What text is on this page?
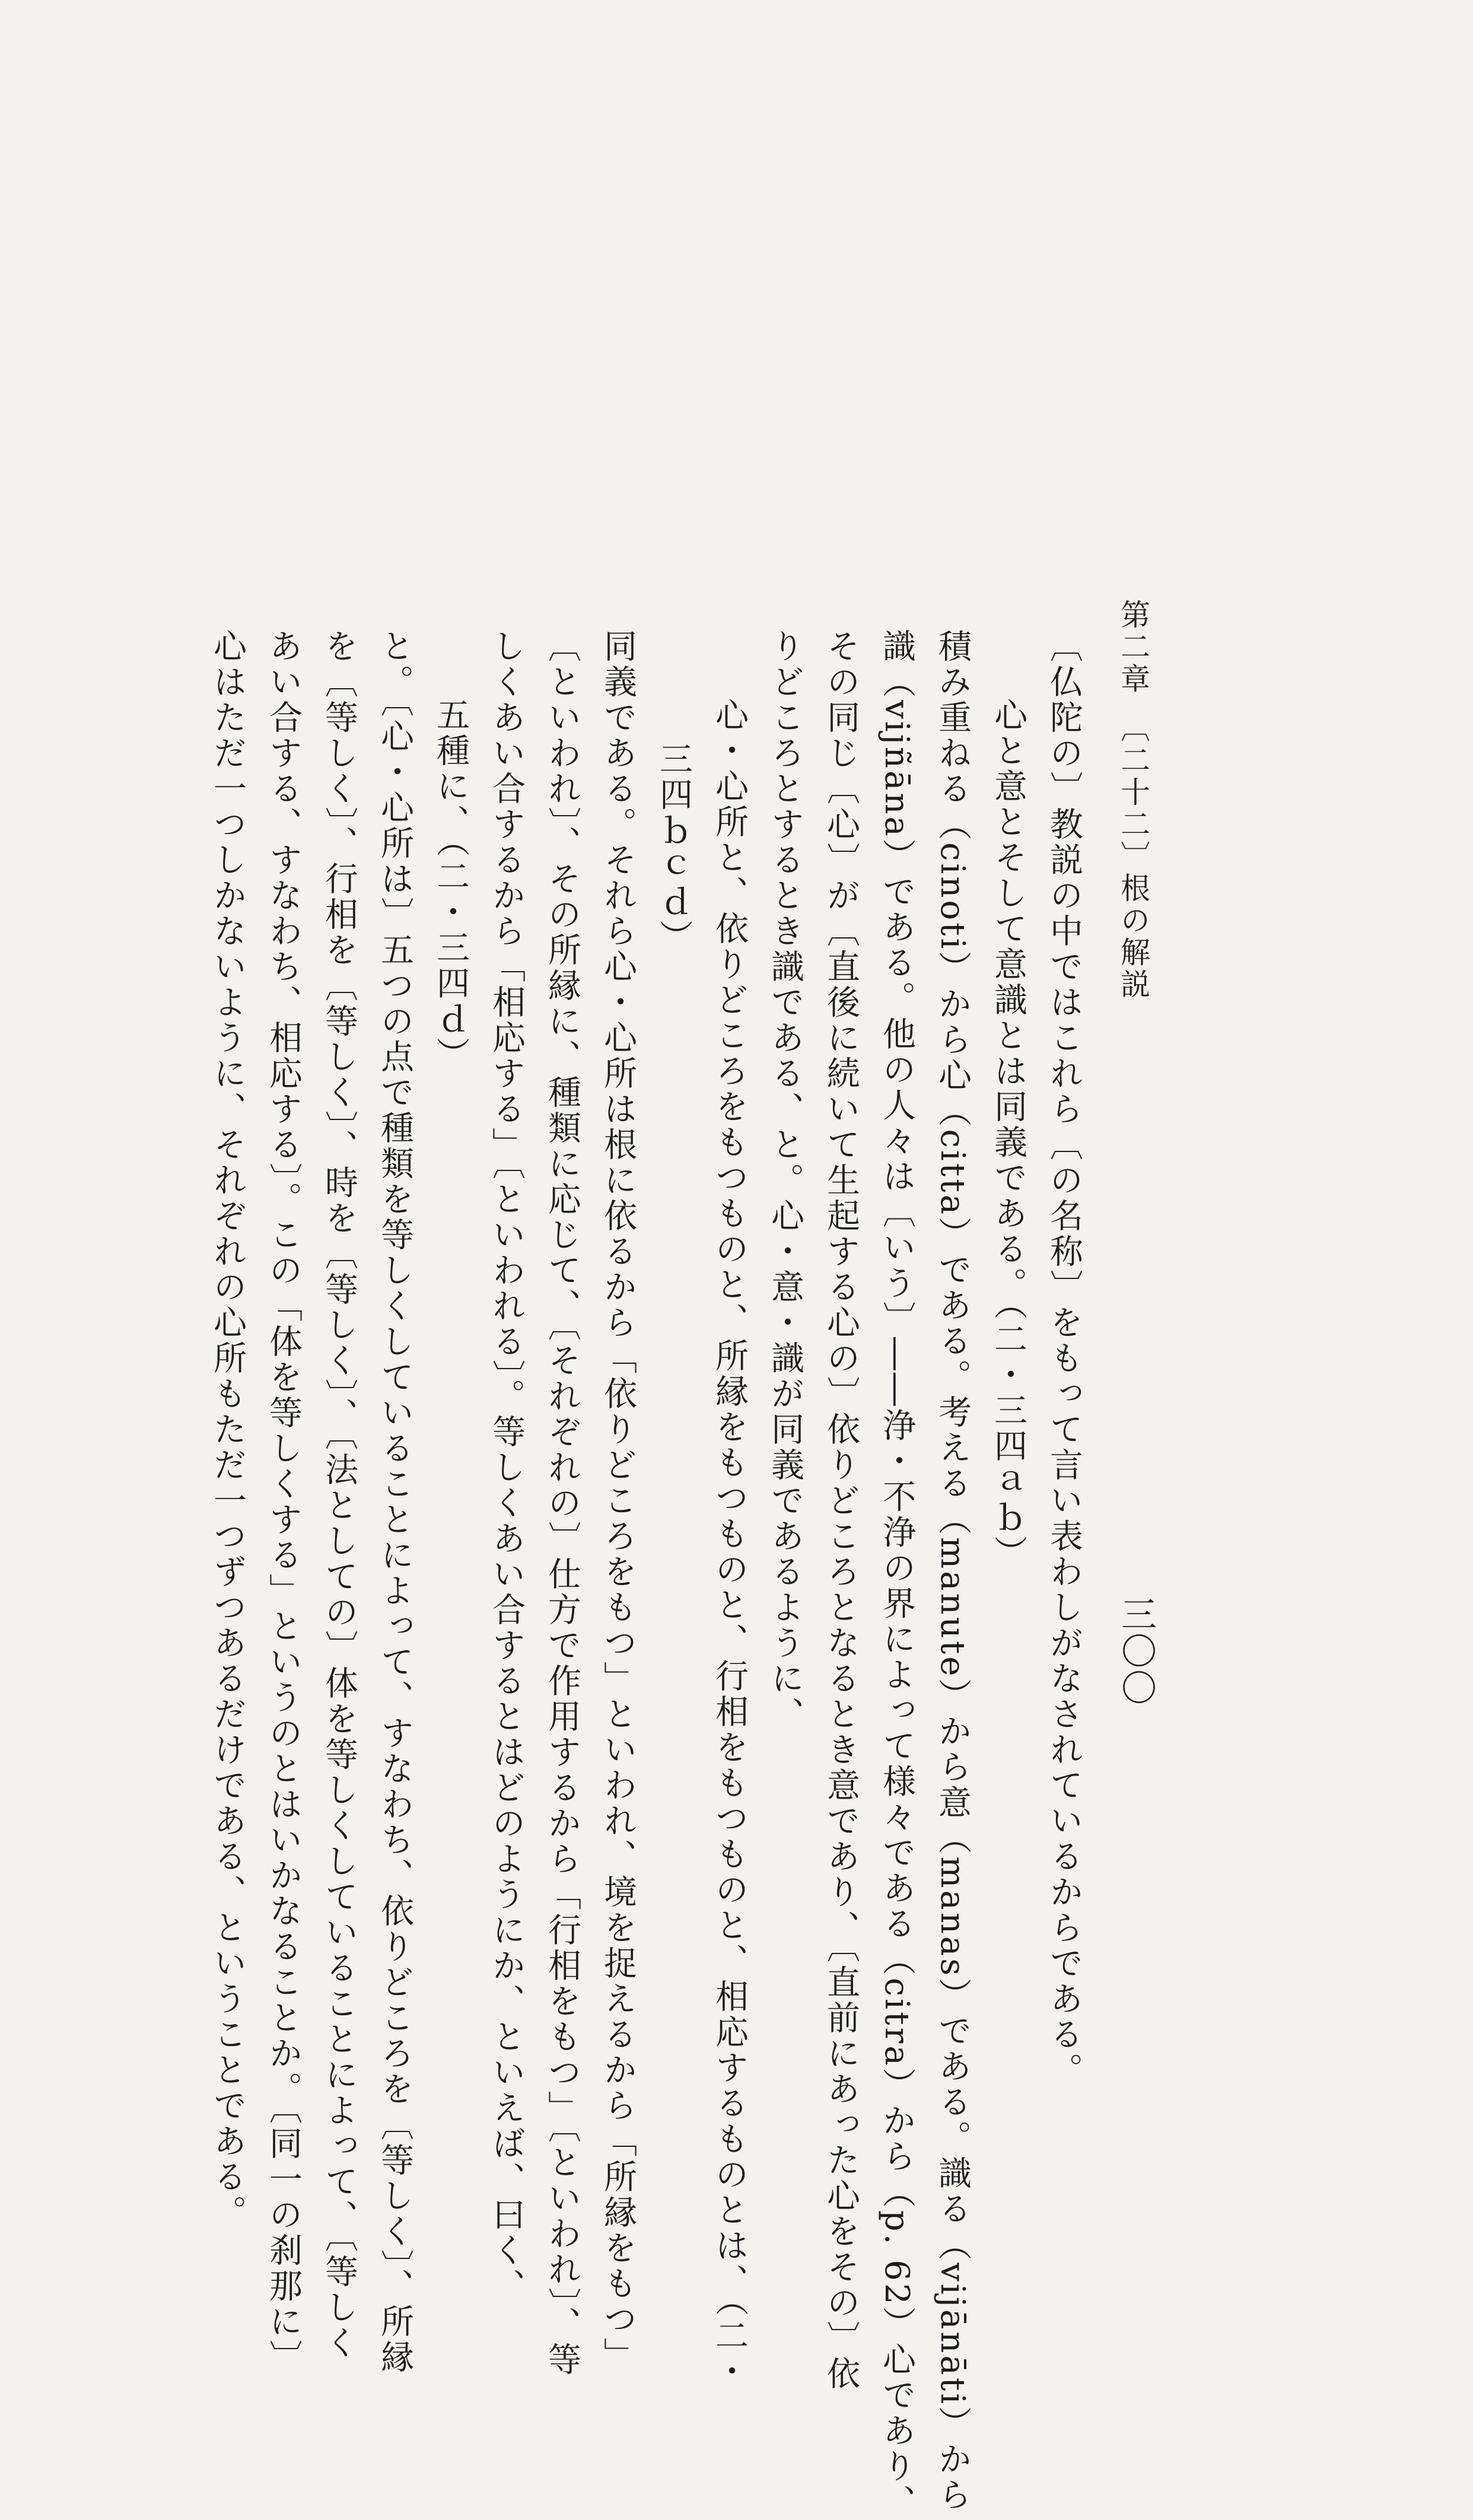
第二章　〔二十二〕根の解説
三〇〇
〔仏陀の〕教説の中ではこれら〔の名称〕をもって言い表わしがなされているからである。
心と意とそして意識とは同義である。（二・三四ａｂ）
積み重ねる（cinoti）から心（citta）である。考える（manute）から意（manas）である。識る（vijānāti）から
識（vijñāna）である。他の人々は〔いう〕――浄・不浄の界によって様々である（citra）から（p. 62）心であり、
その同じ〔心〕が〔直後に続いて生起する心の〕依りどころとなるとき意であり、〔直前にあった心をその〕依
りどころとするとき識である、と。心・意・識が同義であるように、
心・心所と、依りどころをもつものと、所縁をもつものと、行相をもつものと、相応するものとは、（二・
三四ｂｃｄ）
同義である。それら心・心所は根に依るから「依りどころをもつ」といわれ、境を捉えるから「所縁をもつ」
〔といわれ〕、その所縁に、種類に応じて、〔それぞれの〕仕方で作用するから「行相をもつ」〔といわれ〕、等
しくあい合するから「相応する」〔といわれる〕。等しくあい合するとはどのようにか、といえば、曰く、
五種に、（二・三四ｄ）
と。〔心・心所は〕五つの点で種類を等しくしていることによって、すなわち、依りどころを〔等しく〕、所縁
を〔等しく〕、行相を〔等しく〕、時を〔等しく〕、〔法としての〕体を等しくしていることによって、〔等しく
あい合する、すなわち、相応する〕。この「体を等しくする」というのとはいかなることか。〔同一の刹那に〕
心はただ一つしかないように、それぞれの心所もただ一つずつあるだけである、ということである。
